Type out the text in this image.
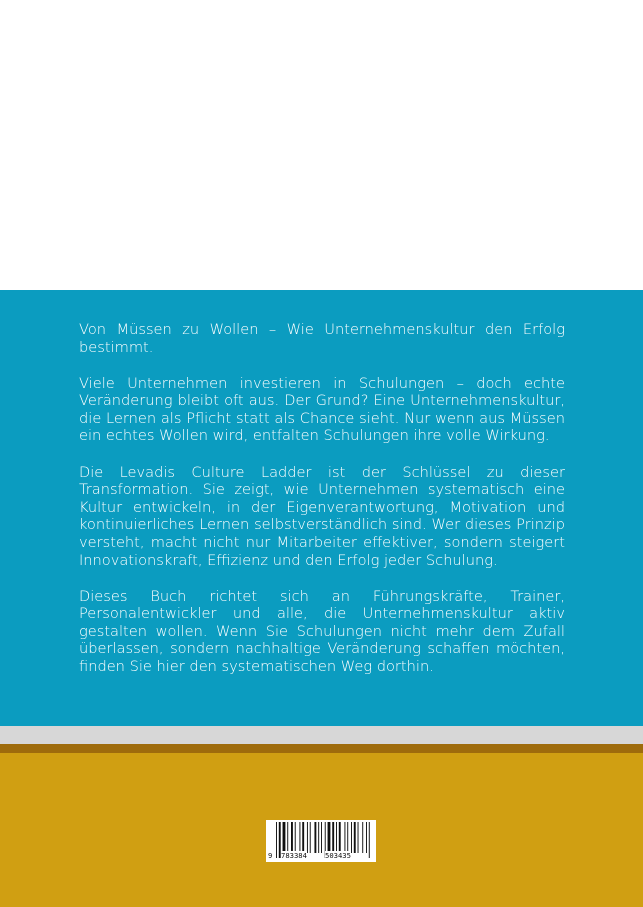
Von Müssen zu Wollen – Wie Unternehmenskultur den Erfolg bestimmt.

Viele Unternehmen investieren in Schulungen – doch echte Veränderung bleibt oft aus. Der Grund? Eine Unternehmenskultur, die Lernen als Pflicht statt als Chance sieht. Nur wenn aus Müssen ein echtes Wollen wird, entfalten Schulungen ihre volle Wirkung.

Die Levadis Culture Ladder ist der Schlüssel zu dieser Transformation. Sie zeigt, wie Unternehmen systematisch eine Kultur entwickeln, in der Eigenverantwortung, Motivation und kontinuierliches Lernen selbstverständlich sind. Wer dieses Prinzip versteht, macht nicht nur Mitarbeiter effektiver, sondern steigert Innovationskraft, Effizienz und den Erfolg jeder Schulung.

Dieses Buch richtet sich an Führungskräfte, Trainer, Personalentwickler und alle, die Unternehmenskultur aktiv gestalten wollen. Wenn Sie Schulungen nicht mehr dem Zufall überlassen, sondern nachhaltige Veränderung schaffen möchten, finden Sie hier den systematischen Weg dorthin.

9 783384	503435
